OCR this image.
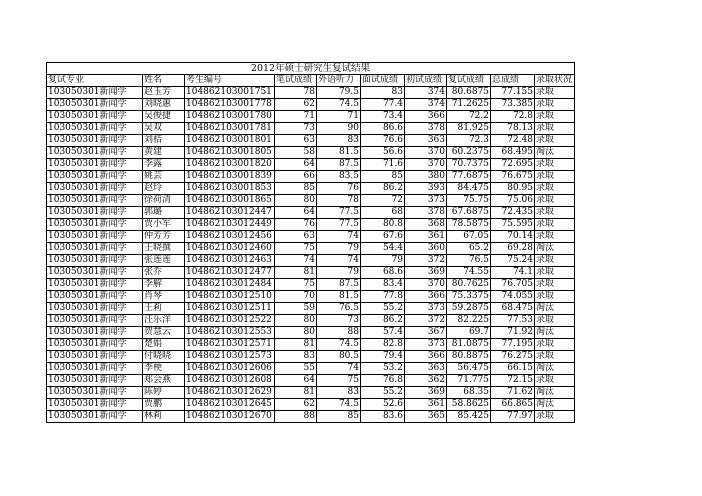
2012年硕士研究生复试结果									
复试专业	姓名	考生编号	笔试成绩	外语听力	面试成绩	初试成绩	复试成绩	总成绩	录取状况
103050301新闻学	赵玉芳	104862103001751	78	79.5	83	374	80.6875	77.155	录取
103050301新闻学	刘晓蕙	104862103001778	62	74.5	77.4	374	71.2625	73.385	录取
103050301新闻学	吴俊捷	104862103001780	71	71	73.4	366	72.2	72.8	录取
103050301新闻学	吴双	104862103001781	73	90	86.6	378	81.925	78.13	录取
103050301新闻学	刘桔	104862103001801	63	83	76.6	363	72.3	72.48	录取
103050301新闻学	黄建	104862103001805	58	81.5	56.6	370	60.2375	68.495	淘汰
103050301新闻学	李露	104862103001820	64	87.5	71.6	370	70.7375	72.695	录取
103050301新闻学	姚芸	104862103001839	66	83.5	85	380	77.6875	76.675	录取
103050301新闻学	赵玲	104862103001853	85	76	86.2	393	84.475	80.95	录取
103050301新闻学	徐荷清	104862103001865	80	78	72	373	75.75	75.06	录取
103050301新闻学	郭璐	104862103012447	64	77.5	68	378	67.6875	72.435	录取
103050301新闻学	贾小军	104862103012449	76	77.5	80.8	368	78.5875	75.595	录取
103050301新闻学	仲芳芳	104862103012456	63	74	67.6	361	67.05	70.14	录取
103050301新闻学	王晓撰	104862103012460	75	79	54.4	360	65.2	69.28	淘汰
103050301新闻学	张莲莲	104862103012463	74	74	79	372	76.5	75.24	录取
103050301新闻学	张乔	104862103012477	81	79	68.6	369	74.55	74.1	录取
103050301新闻学	李解	104862103012484	75	87.5	83.4	370	80.7625	76.705	录取
103050301新闻学	肖琴	104862103012510	70	81.5	77.8	366	75.3375	74.055	录取
103050301新闻学	王莉	104862103012511	59	76.5	55.2	373	59.2875	68.475	淘汰
103050301新闻学	汪乐洋	104862103012522	80	73	86.2	372	82.225	77.53	录取
103050301新闻学	贺慧云	104862103012553	80	88	57.4	367	69.7	71.92	淘汰
103050301新闻学	楚娟	104862103012571	81	74.5	82.8	373	81.0875	77.195	录取
103050301新闻学	付晓晓	104862103012573	83	80.5	79.4	366	80.8875	76.275	录取
103050301新闻学	李梗	104862103012606	55	74	53.2	363	56.475	66.15	淘汰
103050301新闻学	郑会燕	104862103012608	64	75	76.8	362	71.775	72.15	录取
103050301新闻学	陈婷	104862103012629	81	83	55.2	369	68.35	71.62	淘汰
103050301新闻学	贾鹏	104862103012645	62	74.5	52.6	361	58.8625	66.865	淘汰
103050301新闻学	林莉	104862103012670	88	85	83.6	365	85.425	77.97	录取
